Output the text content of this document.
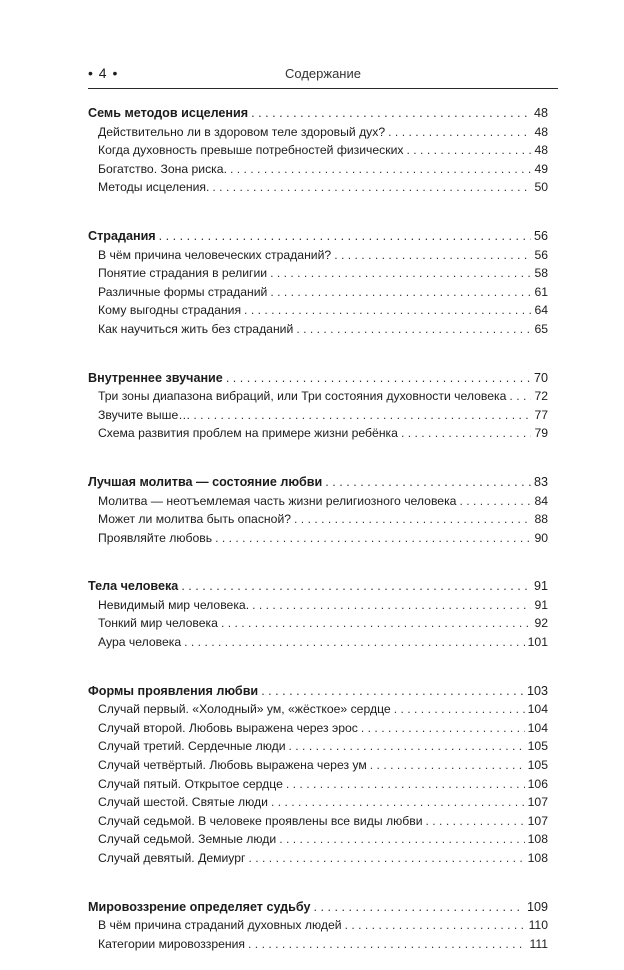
• 4 •	Содержание
Семь методов исцеления . . .	48
Действительно ли в здоровом теле здоровый дух? . . .	48
Когда духовность превыше потребностей физических . . .	48
Богатство. Зона риска. . . .	49
Методы исцеления. . . .	50
Страдания . . .	56
В чём причина человеческих страданий? . . .	56
Понятие страдания в религии . . .	58
Различные формы страданий . . .	61
Кому выгодны страдания . . .	64
Как научиться жить без страданий . . .	65
Внутреннее звучание . . .	70
Три зоны диапазона вибраций, или Три состояния духовности человека . . . 72
Звучите выше… . . .	77
Схема развития проблем на примере жизни ребёнка . . .	79
Лучшая молитва — состояние любви . . .	83
Молитва — неотъемлемая часть жизни религиозного человека . . .	84
Может ли молитва быть опасной? . . .	88
Проявляйте любовь . . .	90
Тела человека . . .	91
Невидимый мир человека. . . .	91
Тонкий мир человека . . .	92
Аура человека . . .	101
Формы проявления любви . . .	103
Случай первый. «Холодный» ум, «жёсткое» сердце . . .	104
Случай второй. Любовь выражена через эрос . . .	104
Случай третий. Сердечные люди . . .	105
Случай четвёртый. Любовь выражена через ум . . .	105
Случай пятый. Открытое сердце . . .	106
Случай шестой. Святые люди . . .	107
Случай седьмой. В человеке проявлены все виды любви . . .	107
Случай седьмой. Земные люди . . .	108
Случай девятый. Демиург . . .	108
Мировоззрение определяет судьбу . . .	109
В чём причина страданий духовных людей . . .	110
Категории мировоззрения . . .	111
